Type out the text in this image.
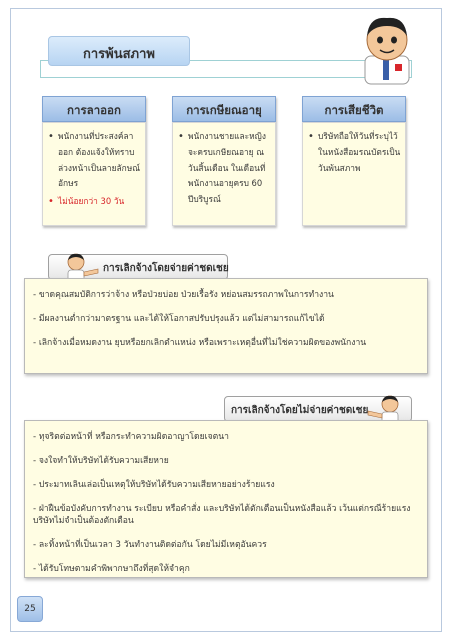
การพ้นสภาพ
การลาออก
• พนักงานที่ประสงค์ลาออก ต้องแจ้งให้ทราบล่วงหน้าเป็นลายลักษณ์อักษร
• ไม่น้อยกว่า 30 วัน
การเกษียณอายุ
• พนักงานชายและหญิงจะครบเกษียณอายุ ณ วันสิ้นเดือน ในเดือนที่พนักงานอายุครบ 60 ปีบริบูรณ์
การเสียชีวิต
• บริษัทถือให้วันที่ระบุไว้ในหนังสือมรณบัตรเป็นวันพ้นสภาพ
การเลิกจ้างโดยจ่ายค่าชดเชย

- ขาดคุณสมบัติการว่าจ้าง หรือป่วยบ่อย ป่วยเรื้อรัง หย่อนสมรรถภาพในการทำงาน

- มีผลงานต่ำกว่ามาตรฐาน และได้ให้โอกาสปรับปรุงแล้ว แต่ไม่สามารถแก้ไขได้

- เลิกจ้างเมื่อหมดงาน ยุบหรือยกเลิกตำแหน่ง หรือเพราะเหตุอื่นที่ไม่ใช่ความผิดของพนักงาน

การเลิกจ้างโดยไม่จ่ายค่าชดเชย

- ทุจริตต่อหน้าที่ หรือกระทำความผิดอาญาโดยเจตนา

- จงใจทำให้บริษัทได้รับความเสียหาย

- ประมาทเลินเล่อเป็นเหตุให้บริษัทได้รับความเสียหายอย่างร้ายแรง

- ฝ่าฝืนข้อบังคับการทำงาน ระเบียบ หรือคำสั่ง และบริษัทได้ตักเตือนเป็นหนังสือแล้ว เว้นแต่กรณีร้ายแรงบริษัทไม่จำเป็นต้องตักเตือน

- ละทิ้งหน้าที่เป็นเวลา 3 วันทำงานติดต่อกัน โดยไม่มีเหตุอันควร

- ได้รับโทษตามคำพิพากษาถึงที่สุดให้จำคุก

25
